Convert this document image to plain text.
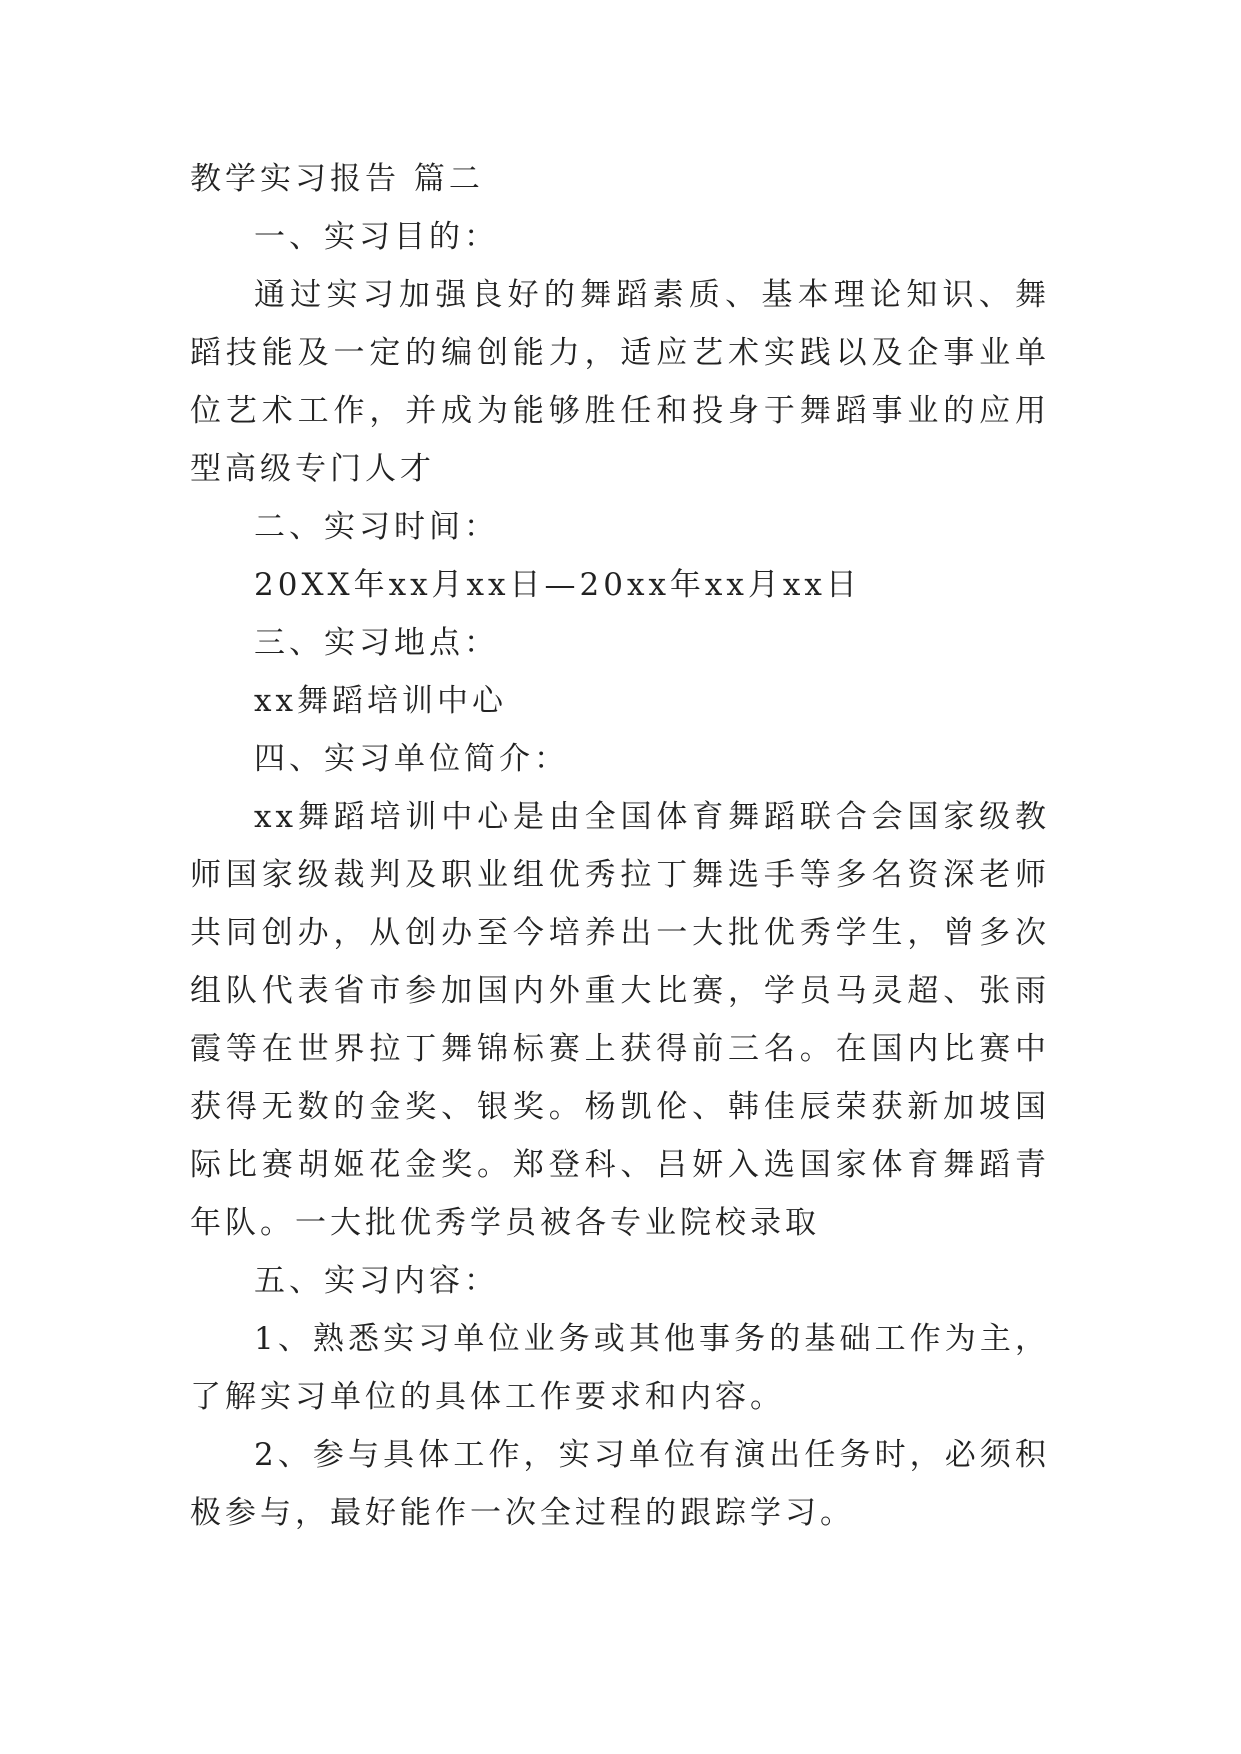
教学实习报告 篇二

一、实习目的：

通过实习加强良好的舞蹈素质、基本理论知识、舞蹈技能及一定的编创能力，适应艺术实践以及企事业单位艺术工作，并成为能够胜任和投身于舞蹈事业的应用型高级专门人才

二、实习时间：

20XX年xx月xx日—20xx年xx月xx日

三、实习地点：

xx舞蹈培训中心

四、实习单位简介：

xx舞蹈培训中心是由全国体育舞蹈联合会国家级教师国家级裁判及职业组优秀拉丁舞选手等多名资深老师共同创办，从创办至今培养出一大批优秀学生，曾多次组队代表省市参加国内外重大比赛，学员马灵超、张雨霞等在世界拉丁舞锦标赛上获得前三名。在国内比赛中获得无数的金奖、银奖。杨凯伦、韩佳辰荣获新加坡国际比赛胡姬花金奖。郑登科、吕妍入选国家体育舞蹈青年队。一大批优秀学员被各专业院校录取

五、实习内容：

1、熟悉实习单位业务或其他事务的基础工作为主，了解实习单位的具体工作要求和内容。

2、参与具体工作，实习单位有演出任务时，必须积极参与，最好能作一次全过程的跟踪学习。
